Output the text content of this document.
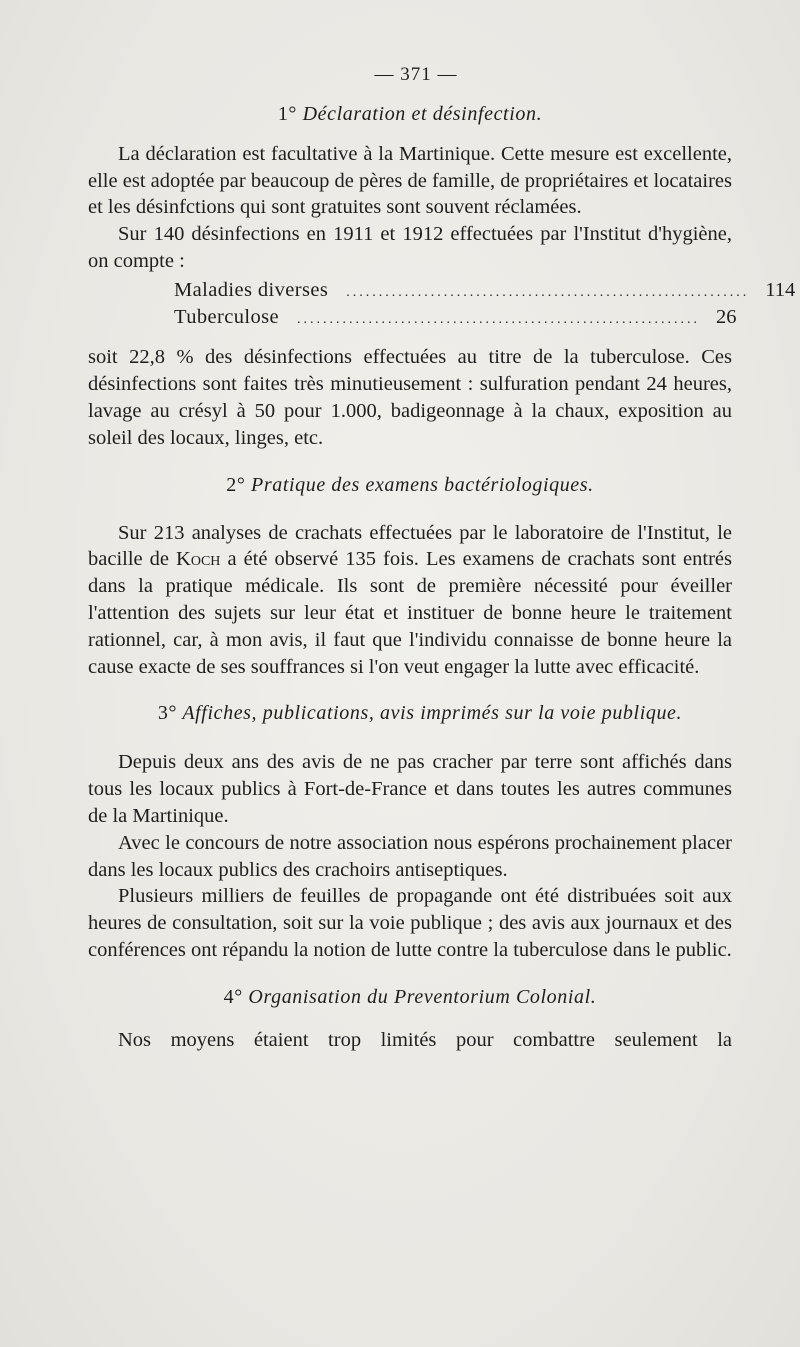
— 371 —
1° Déclaration et désinfection.

La déclaration est facultative à la Martinique. Cette mesure est excellente, elle est adoptée par beaucoup de pères de famille, de propriétaires et locataires et les désinfctions qui sont gratuites sont souvent réclamées.

Sur 140 désinfections en 1911 et 1912 effectuées par l'Institut d'hygiène, on compte :

Maladies diverses .............................................................. 114
Tuberculose .............................................................. 26

soit 22,8 % des désinfections effectuées au titre de la tuberculose. Ces désinfections sont faites très minutieusement : sulfuration pendant 24 heures, lavage au crésyl à 50 pour 1.000, badigeonnage à la chaux, exposition au soleil des locaux, linges, etc.

2° Pratique des examens bactériologiques.

Sur 213 analyses de crachats effectuées par le laboratoire de l'Institut, le bacille de Koch a été observé 135 fois. Les examens de crachats sont entrés dans la pratique médicale. Ils sont de première nécessité pour éveiller l'attention des sujets sur leur état et instituer de bonne heure le traitement rationnel, car, à mon avis, il faut que l'individu connaisse de bonne heure la cause exacte de ses souffrances si l'on veut engager la lutte avec efficacité.

3° Affiches, publications, avis imprimés sur la voie publique.

Depuis deux ans des avis de ne pas cracher par terre sont affichés dans tous les locaux publics à Fort-de-France et dans toutes les autres communes de la Martinique.

Avec le concours de notre association nous espérons prochainement placer dans les locaux publics des crachoirs antiseptiques.

Plusieurs milliers de feuilles de propagande ont été distribuées soit aux heures de consultation, soit sur la voie publique ; des avis aux journaux et des conférences ont répandu la notion de lutte contre la tuberculose dans le public.

4° Organisation du Preventorium Colonial.

Nos moyens étaient trop limités pour combattre seulement la
